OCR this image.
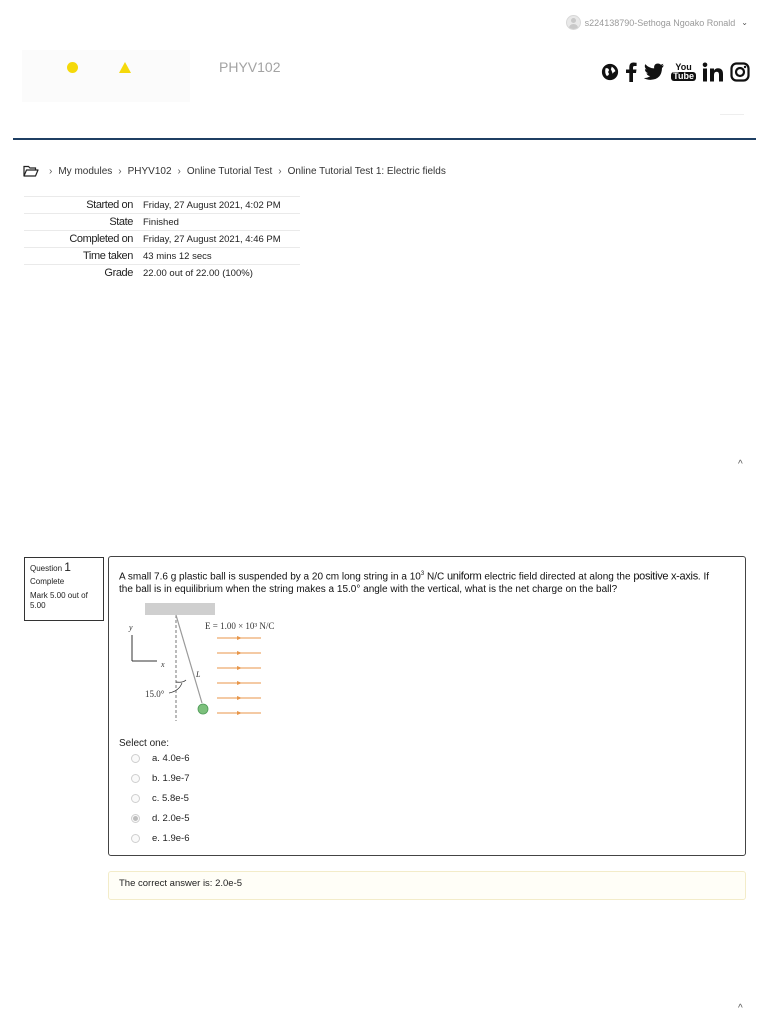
s224138790-Sethoga Ngoako Ronald ⌄
PHYV102	You
Tube
› My modules › PHYV102 › Online Tutorial Test › Online Tutorial Test 1: Electric fields
Started on	Friday, 27 August 2021, 4:02 PM
State	Finished
Completed on	Friday, 27 August 2021, 4:46 PM
Time taken	43 mins 12 secs
Grade	22.00 out of 22.00 (100%)
^
Question 1
Complete
Mark 5.00 out of 5.00
A small 7.6 g plastic ball is suspended by a 20 cm long string in a $10^3$ N/C uniform electric field directed at along the positive x-axis. If the ball is in equilibrium when the string makes a 15.0° angle with the vertical, what is the net charge on the ball?
y
x
15.0°
L
E = 1.00 × 10³ N/C
Select one:
a. 4.0e-6
b. 1.9e-7
c. 5.8e-5
d. 2.0e-5
e. 1.9e-6
The correct answer is: 2.0e-5
^
